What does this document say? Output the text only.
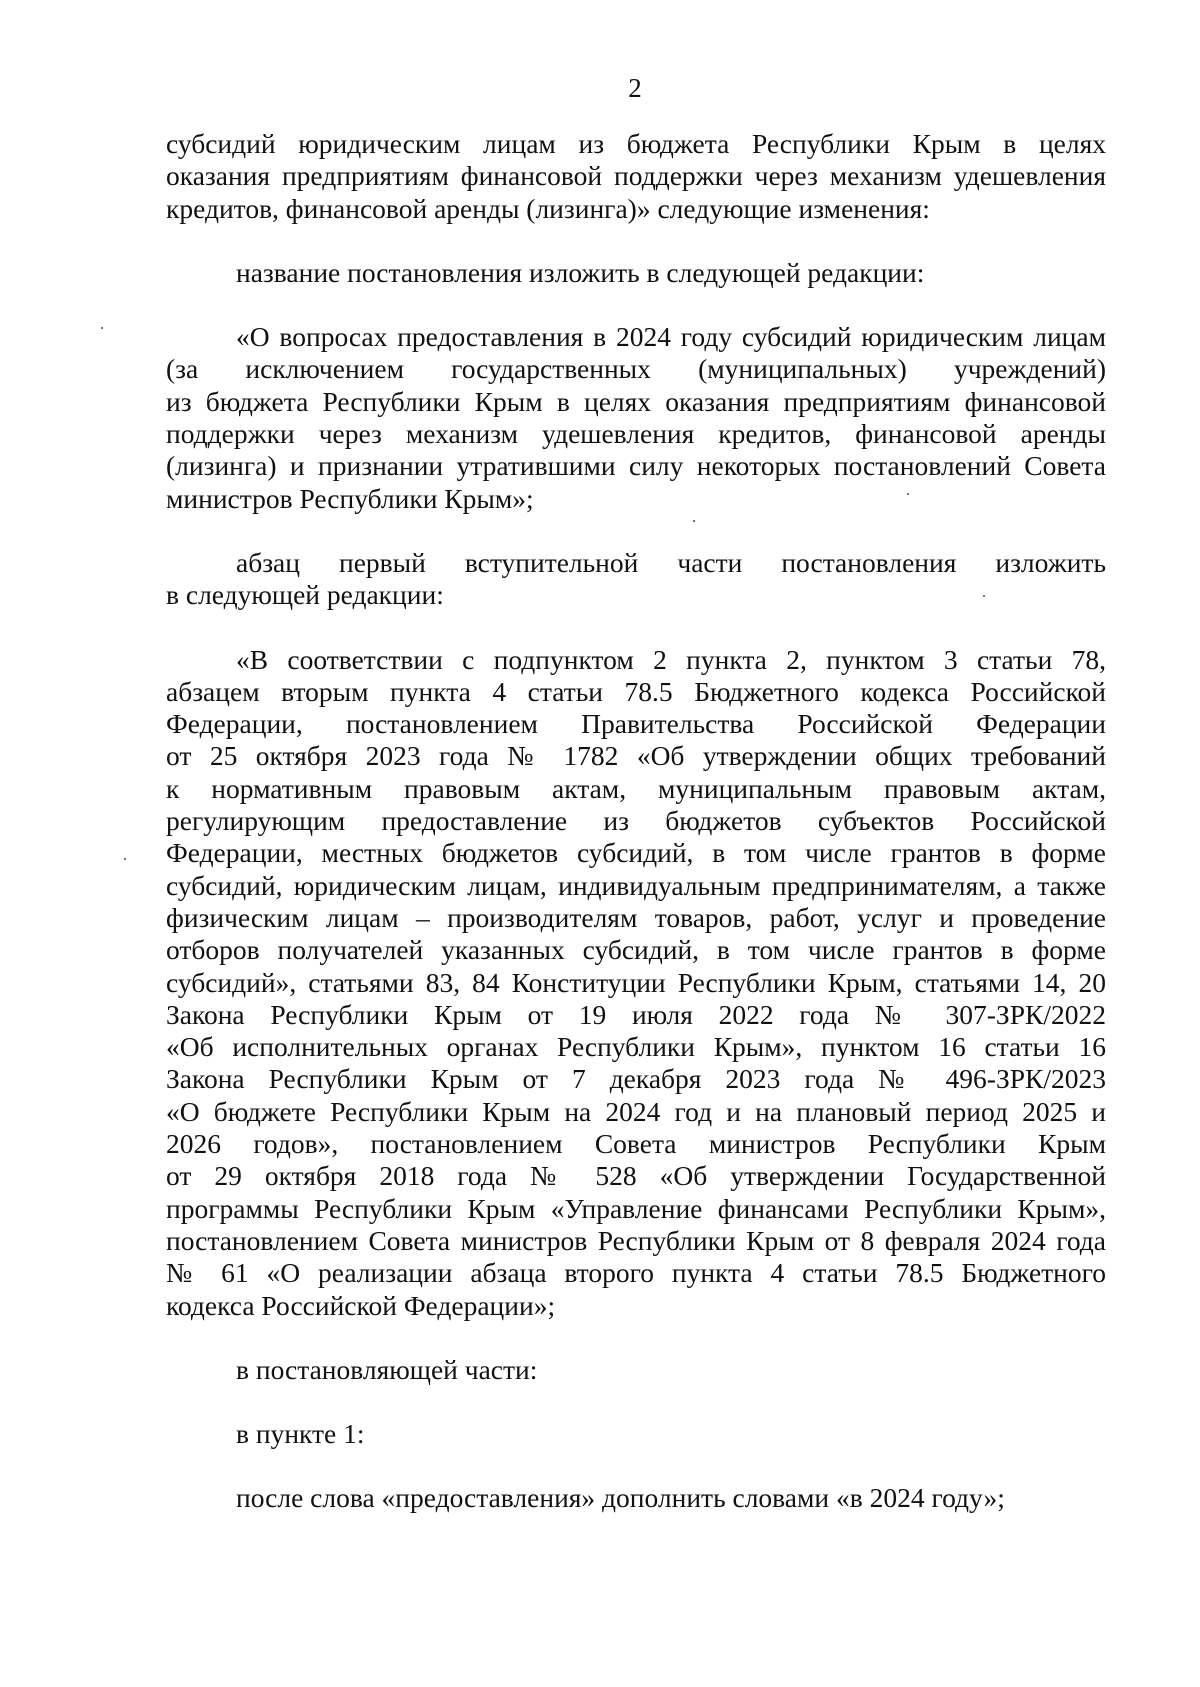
2
субсидий юридическим лицам из бюджета Республики Крым в целях
оказания предприятиям финансовой поддержки через механизм удешевления
кредитов, финансовой аренды (лизинга)» следующие изменения:
название постановления изложить в следующей редакции:
«О вопросах предоставления в 2024 году субсидий юридическим лицам
(за исключением государственных (муниципальных) учреждений)
из бюджета Республики Крым в целях оказания предприятиям финансовой
поддержки через механизм удешевления кредитов, финансовой аренды
(лизинга) и признании утратившими силу некоторых постановлений Совета
министров Республики Крым»;
абзац первый вступительной части постановления изложить
в следующей редакции:
«В соответствии с подпунктом 2 пункта 2, пунктом 3 статьи 78,
абзацем вторым пункта 4 статьи 78.5 Бюджетного кодекса Российской
Федерации, постановлением Правительства Российской Федерации
от 25 октября 2023 года № 1782 «Об утверждении общих требований
к нормативным правовым актам, муниципальным правовым актам,
регулирующим предоставление из бюджетов субъектов Российской
Федерации, местных бюджетов субсидий, в том числе грантов в форме
субсидий, юридическим лицам, индивидуальным предпринимателям, а также
физическим лицам – производителям товаров, работ, услуг и проведение
отборов получателей указанных субсидий, в том числе грантов в форме
субсидий», статьями 83, 84 Конституции Республики Крым, статьями 14, 20
Закона Республики Крым от 19 июля 2022 года № 307-ЗРК/2022
«Об исполнительных органах Республики Крым», пунктом 16 статьи 16
Закона Республики Крым от 7 декабря 2023 года № 496-ЗРК/2023
«О бюджете Республики Крым на 2024 год и на плановый период 2025 и
2026 годов», постановлением Совета министров Республики Крым
от 29 октября 2018 года № 528 «Об утверждении Государственной
программы Республики Крым «Управление финансами Республики Крым»,
постановлением Совета министров Республики Крым от 8 февраля 2024 года
№ 61 «О реализации абзаца второго пункта 4 статьи 78.5 Бюджетного
кодекса Российской Федерации»;
в постановляющей части:
в пункте 1:
после слова «предоставления» дополнить словами «в 2024 году»;
